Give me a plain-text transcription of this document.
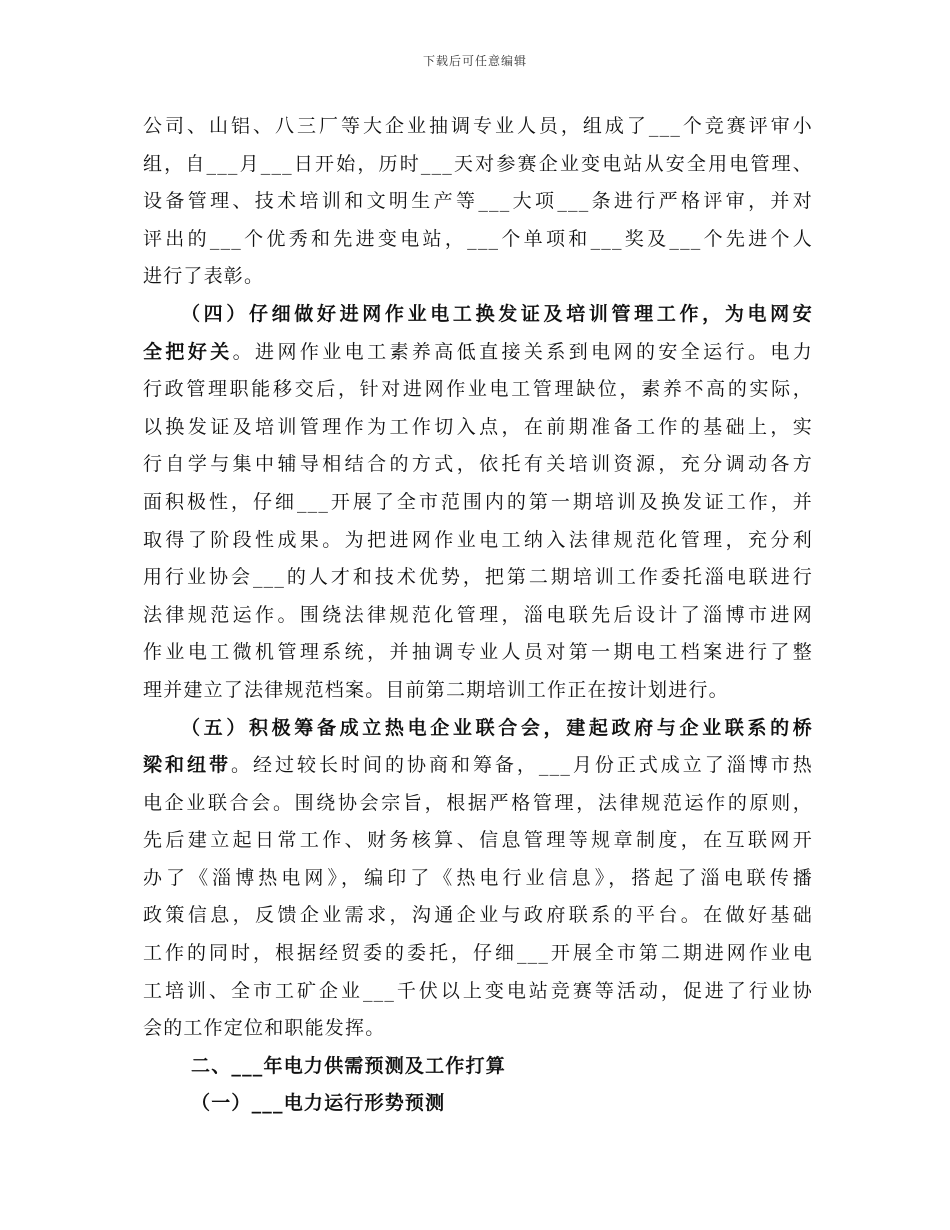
下载后可任意编辑
公司、山铝、八三厂等大企业抽调专业人员，组成了___个竞赛评审小
组，自___月___日开始，历时___天对参赛企业变电站从安全用电管理、
设备管理、技术培训和文明生产等___大项___条进行严格评审，并对
评出的___个优秀和先进变电站，___个单项和___奖及___个先进个人
进行了表彰。
（四）仔细做好进网作业电工换发证及培训管理工作，为电网安
全把好关。进网作业电工素养高低直接关系到电网的安全运行。电力
行政管理职能移交后，针对进网作业电工管理缺位，素养不高的实际，
以换发证及培训管理作为工作切入点，在前期准备工作的基础上，实
行自学与集中辅导相结合的方式，依托有关培训资源，充分调动各方
面积极性，仔细___开展了全市范围内的第一期培训及换发证工作，并
取得了阶段性成果。为把进网作业电工纳入法律规范化管理，充分利
用行业协会___的人才和技术优势，把第二期培训工作委托淄电联进行
法律规范运作。围绕法律规范化管理，淄电联先后设计了淄博市进网
作业电工微机管理系统，并抽调专业人员对第一期电工档案进行了整
理并建立了法律规范档案。目前第二期培训工作正在按计划进行。
（五）积极筹备成立热电企业联合会，建起政府与企业联系的桥
梁和纽带。经过较长时间的协商和筹备，___月份正式成立了淄博市热
电企业联合会。围绕协会宗旨，根据严格管理，法律规范运作的原则，
先后建立起日常工作、财务核算、信息管理等规章制度，在互联网开
办了《淄博热电网》，编印了《热电行业信息》，搭起了淄电联传播
政策信息，反馈企业需求，沟通企业与政府联系的平台。在做好基础
工作的同时，根据经贸委的委托，仔细___开展全市第二期进网作业电
工培训、全市工矿企业___千伏以上变电站竞赛等活动，促进了行业协
会的工作定位和职能发挥。
二、___年电力供需预测及工作打算
（一）___电力运行形势预测
